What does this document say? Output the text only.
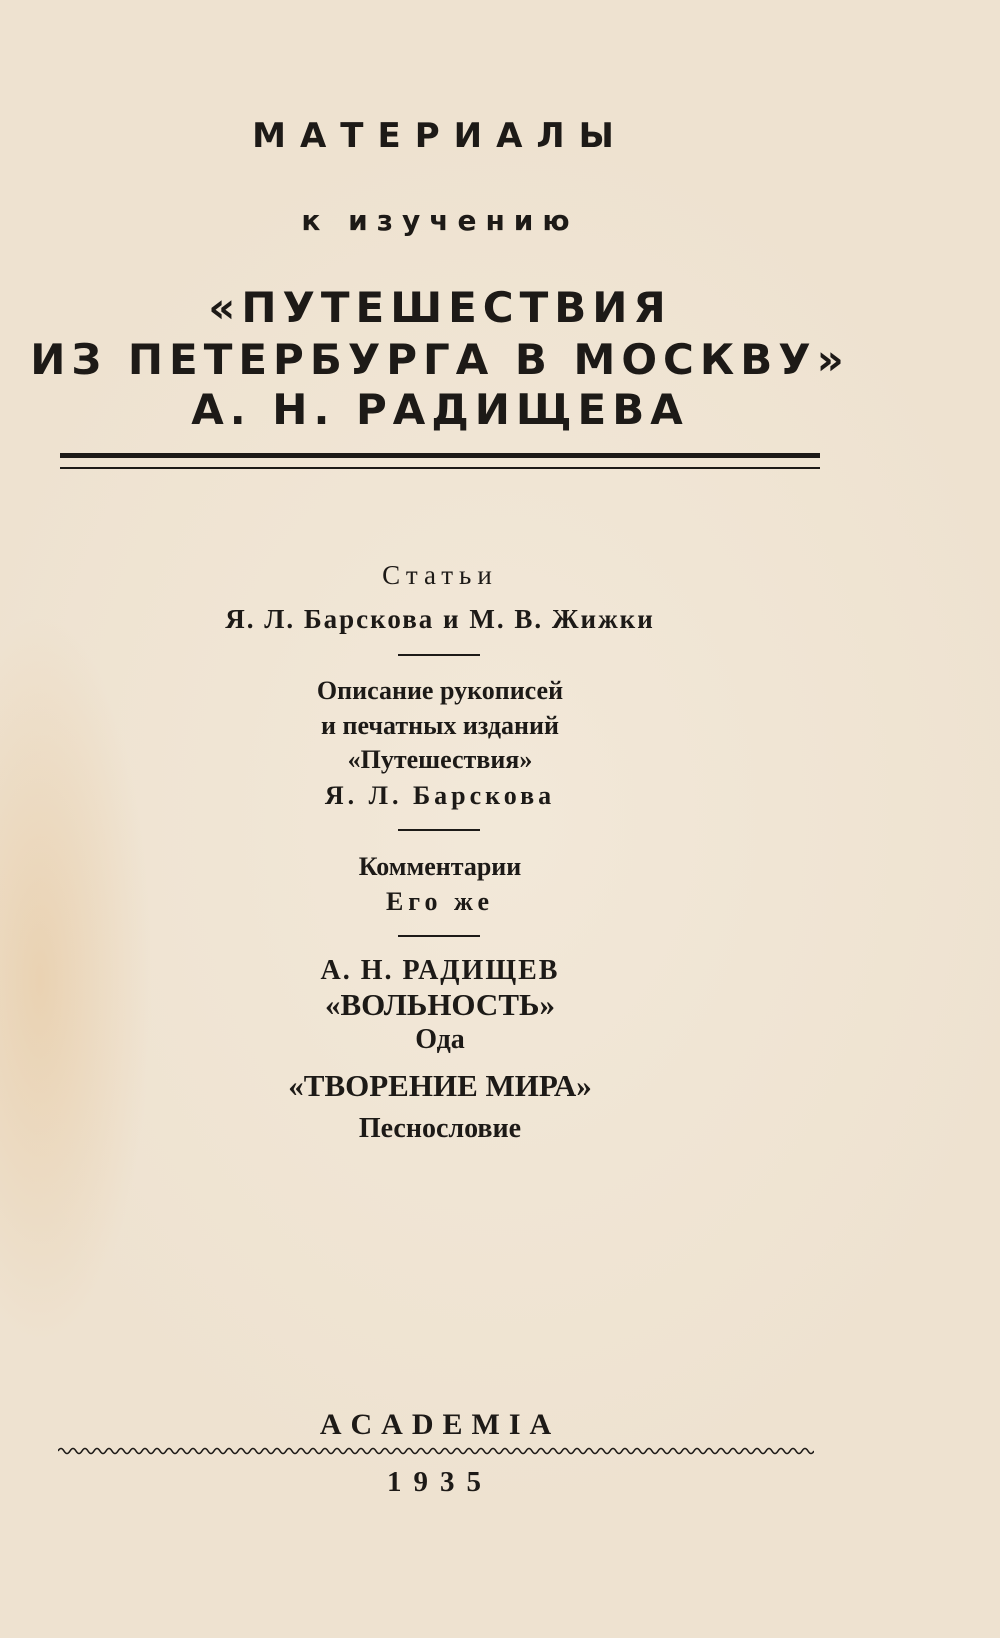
МАТЕРИАЛЫ
к изучению
«ПУТЕШЕСТВИЯ
ИЗ ПЕТЕРБУРГА В МОСКВУ»
А. Н. РАДИЩЕВА
Статьи
Я. Л. Барскова и М. В. Жижки
Описание рукописей
и печатных изданий
«Путешествия»
Я. Л. Барскова
Комментарии
Его же
А. Н. РАДИЩЕВ
«ВОЛЬНОСТЬ»
Ода
«ТВОРЕНИЕ МИРА»
Песнословие
ACADEMIA
1935
